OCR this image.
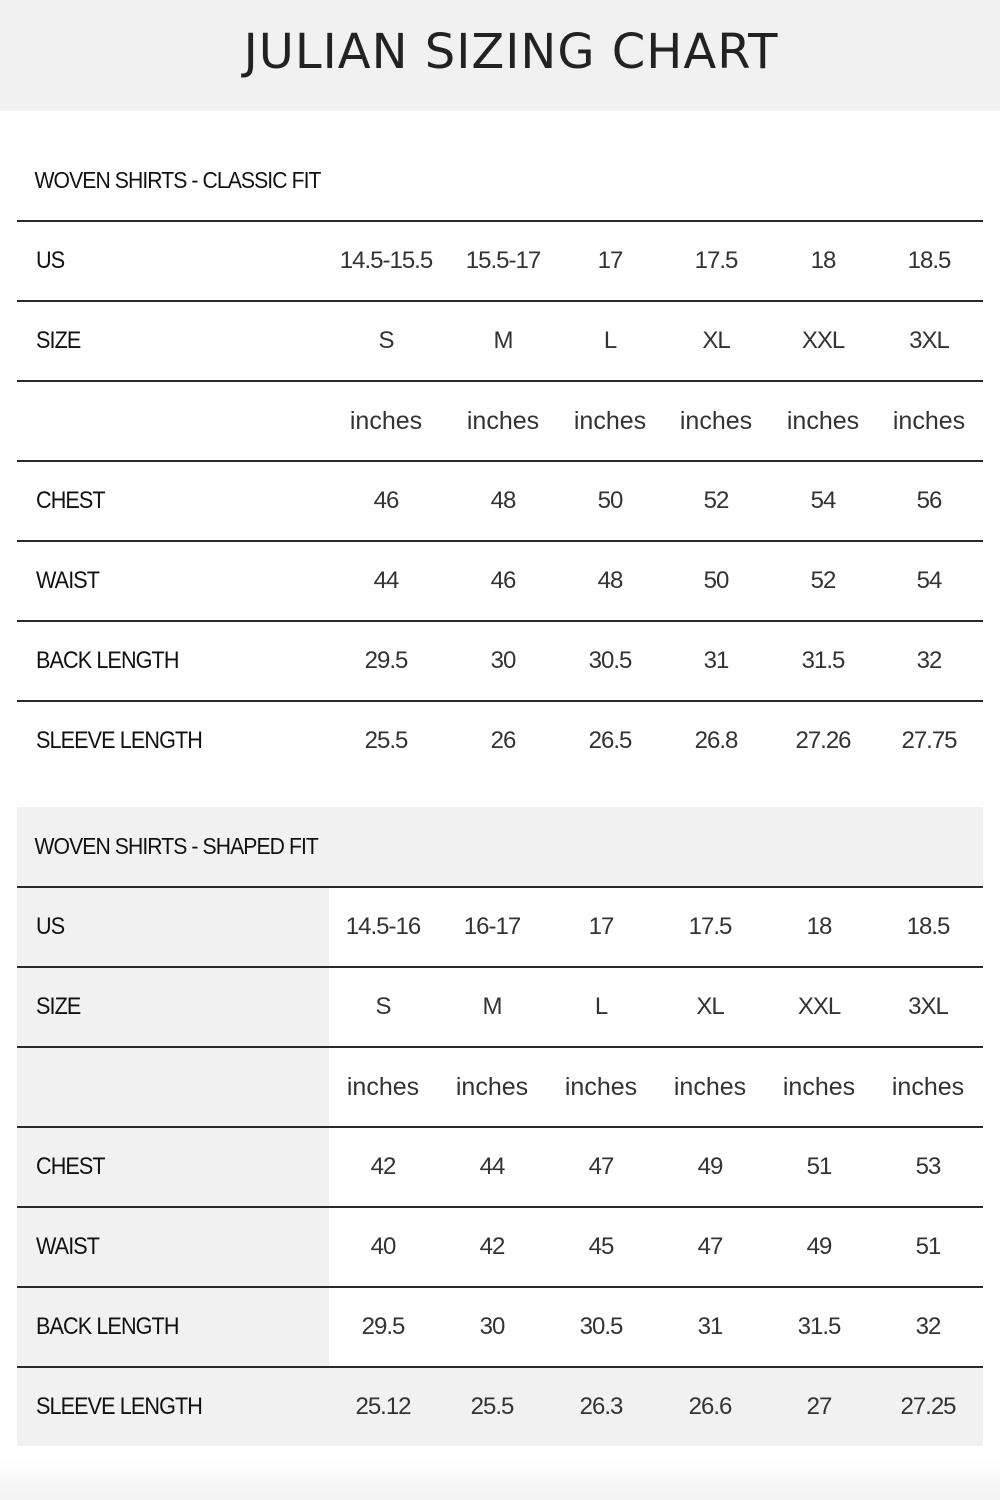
JULIAN SIZING CHART
WOVEN SHIRTS - CLASSIC FIT
US	14.5-15.5	15.5-17	17	17.5	18	18.5
SIZE	S	M	L	XL	XXL	3XL
inches	inches	inches	inches	inches	inches
CHEST	46	48	50	52	54	56
WAIST	44	46	48	50	52	54
BACK LENGTH	29.5	30	30.5	31	31.5	32
SLEEVE LENGTH	25.5	26	26.5	26.8	27.26	27.75
WOVEN SHIRTS - SHAPED FIT
US	14.5-16	16-17	17	17.5	18	18.5
SIZE	S	M	L	XL	XXL	3XL
inches	inches	inches	inches	inches	inches
CHEST	42	44	47	49	51	53
WAIST	40	42	45	47	49	51
BACK LENGTH	29.5	30	30.5	31	31.5	32
SLEEVE LENGTH	25.12	25.5	26.3	26.6	27	27.25
